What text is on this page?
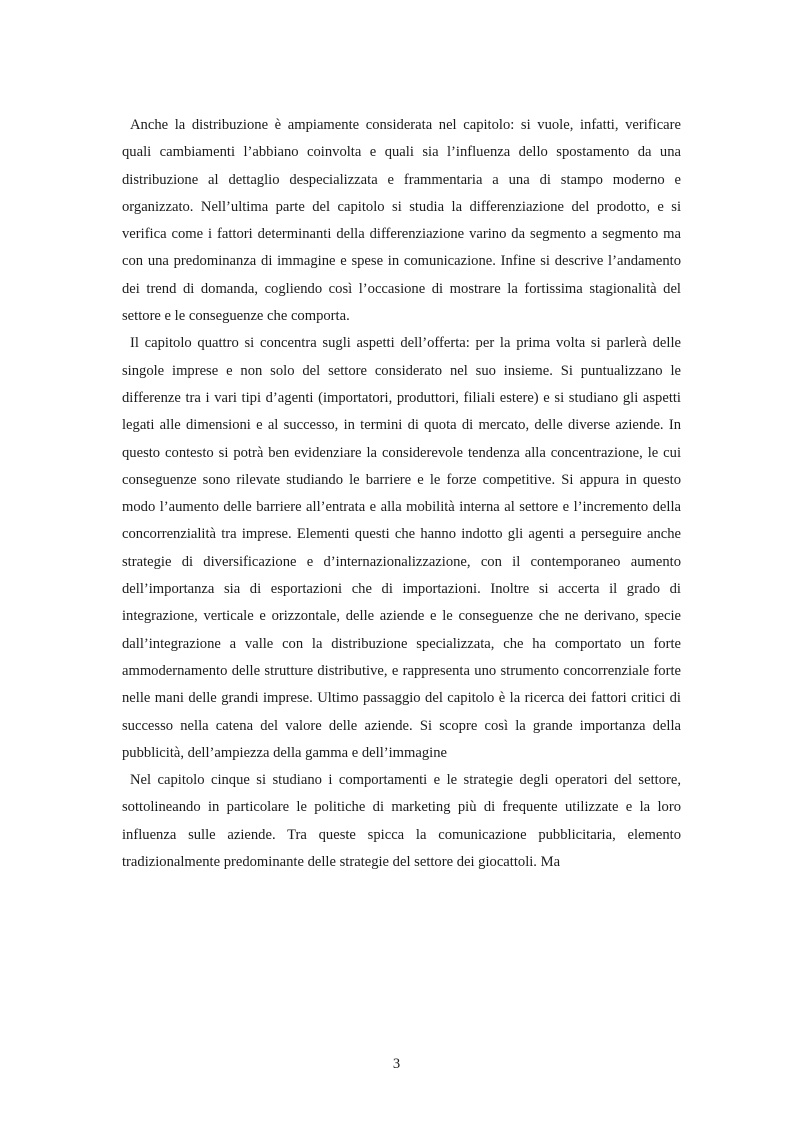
Anche la distribuzione è ampiamente considerata nel capitolo: si vuole, infatti, verificare quali cambiamenti l’abbiano coinvolta e quali sia l’influenza dello spostamento da una distribuzione al dettaglio despecializzata e frammentaria a una di stampo moderno e organizzato. Nell’ultima parte del capitolo si studia la differenziazione del prodotto, e si verifica come i fattori determinanti della differenziazione varino da segmento a segmento ma con una predominanza di immagine e spese in comunicazione. Infine si descrive l’andamento dei trend di domanda, cogliendo così l’occasione di mostrare la fortissima stagionalità del settore e le conseguenze che comporta.

Il capitolo quattro si concentra sugli aspetti dell’offerta: per la prima volta si parlerà delle singole imprese e non solo del settore considerato nel suo insieme. Si puntualizzano le differenze tra i vari tipi d’agenti (importatori, produttori, filiali estere) e si studiano gli aspetti legati alle dimensioni e al successo, in termini di quota di mercato, delle diverse aziende. In questo contesto si potrà ben evidenziare la considerevole tendenza alla concentrazione, le cui conseguenze sono rilevate studiando le barriere e le forze competitive. Si appura in questo modo l’aumento delle barriere all’entrata e alla mobilità interna al settore e l’incremento della concorrenzialità tra imprese. Elementi questi che hanno indotto gli agenti a perseguire anche strategie di diversificazione e d’internazionalizzazione, con il contemporaneo aumento dell’importanza sia di esportazioni che di importazioni. Inoltre si accerta il grado di integrazione, verticale e orizzontale, delle aziende e le conseguenze che ne derivano, specie dall’integrazione a valle con la distribuzione specializzata, che ha comportato un forte ammodernamento delle strutture distributive, e rappresenta uno strumento concorrenziale forte nelle mani delle grandi imprese. Ultimo passaggio del capitolo è la ricerca dei fattori critici di successo nella catena del valore delle aziende. Si scopre così la grande importanza della pubblicità, dell’ampiezza della gamma e dell’immagine

Nel capitolo cinque si studiano i comportamenti e le strategie degli operatori del settore, sottolineando in particolare le politiche di marketing più di frequente utilizzate e la loro influenza sulle aziende. Tra queste spicca la comunicazione pubblicitaria, elemento tradizionalmente predominante delle strategie del settore dei giocattoli. Ma

3
